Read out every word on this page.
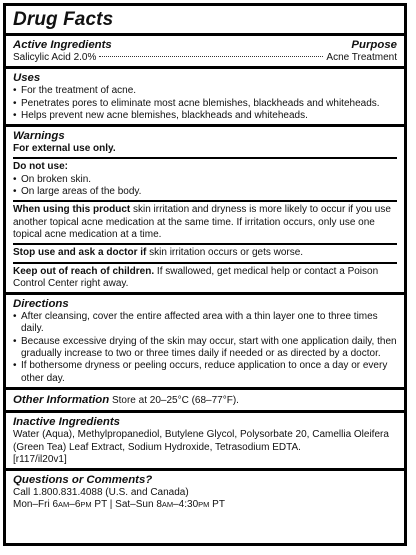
Drug Facts
Active Ingredients	Purpose
Salicylic Acid 2.0%	Acne Treatment
Uses
• For the treatment of acne.
• Penetrates pores to eliminate most acne blemishes, blackheads and whiteheads.
• Helps prevent new acne blemishes, blackheads and whiteheads.
Warnings
For external use only.
Do not use:
• On broken skin.
• On large areas of the body.
When using this product skin irritation and dryness is more likely to occur if you use another topical acne medication at the same time. If irritation occurs, only use one topical acne medication at a time.
Stop use and ask a doctor if skin irritation occurs or gets worse.
Keep out of reach of children. If swallowed, get medical help or contact a Poison Control Center right away.
Directions
• After cleansing, cover the entire affected area with a thin layer one to three times daily.
• Because excessive drying of the skin may occur, start with one application daily, then gradually increase to two or three times daily if needed or as directed by a doctor.
• If bothersome dryness or peeling occurs, reduce application to once a day or every other day.
Other Information Store at 20–25°C (68–77°F).
Inactive Ingredients
Water (Aqua), Methylpropanediol, Butylene Glycol, Polysorbate 20, Camellia Oleifera (Green Tea) Leaf Extract, Sodium Hydroxide, Tetrasodium EDTA.
[r117/il20v1]
Questions or Comments?
Call 1.800.831.4088 (U.S. and Canada)
Mon–Fri 6AM–6PM PT | Sat–Sun 8AM–4:30PM PT
